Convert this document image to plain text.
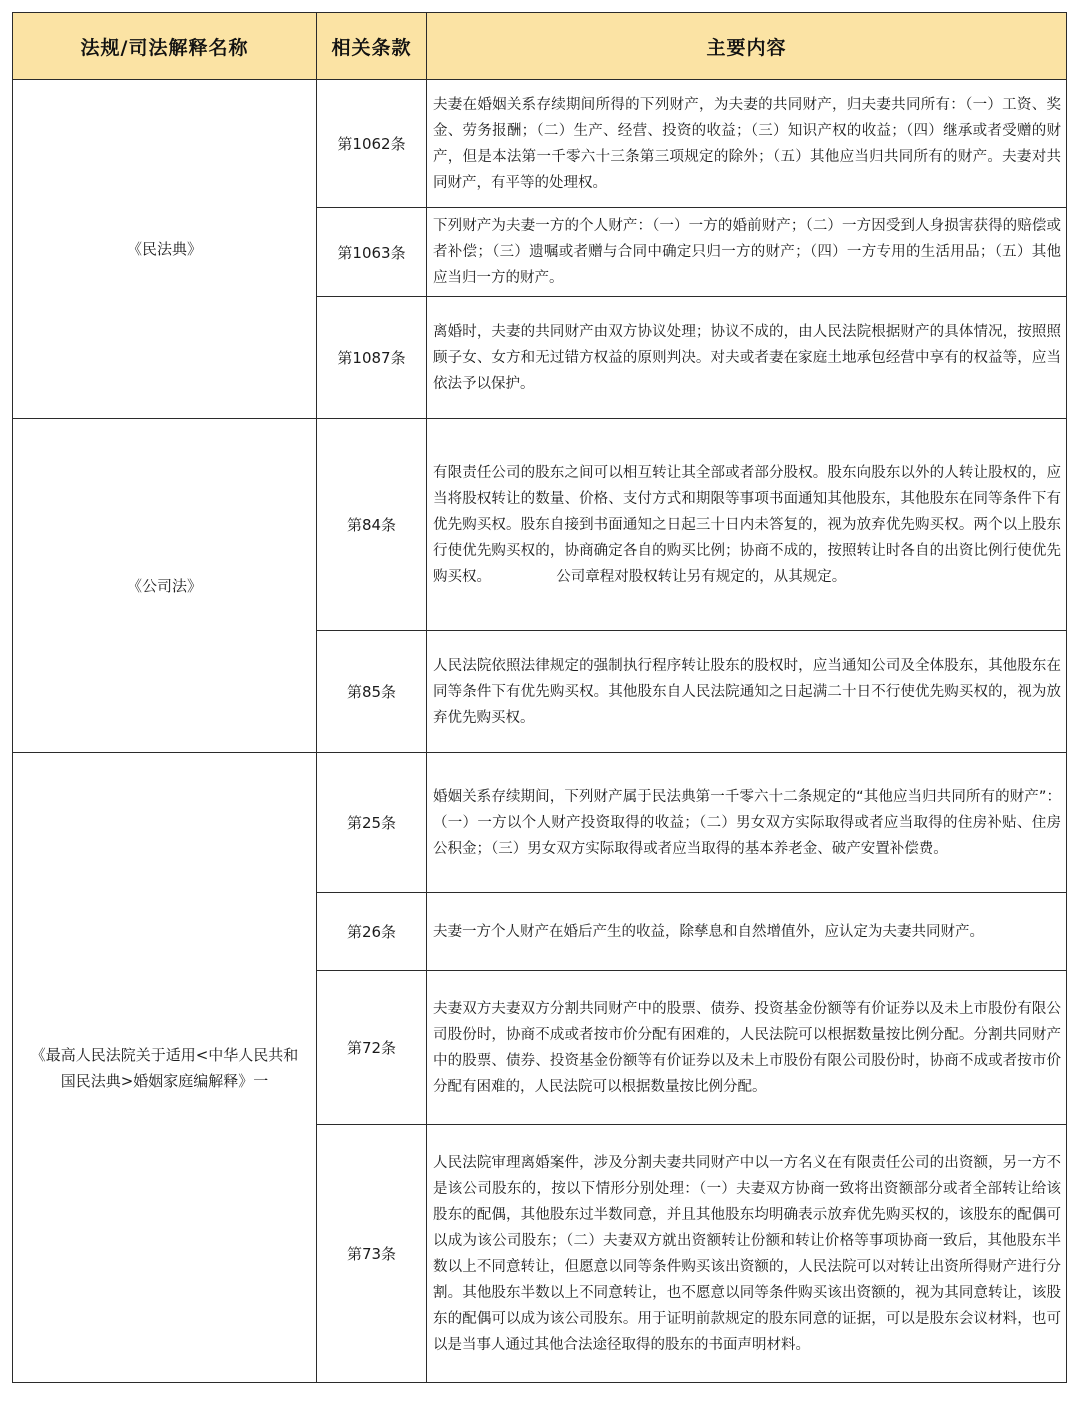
法规/司法解释名称	相关条款	主要内容
《民法典》	第1062条	夫妻在婚姻关系存续期间所得的下列财产，为夫妻的共同财产，归夫妻共同所有：（一）工资、奖金、劳务报酬；（二）生产、经营、投资的收益；（三）知识产权的收益；（四）继承或者受赠的财产，但是本法第一千零六十三条第三项规定的除外；（五）其他应当归共同所有的财产。夫妻对共同财产，有平等的处理权。
	第1063条	下列财产为夫妻一方的个人财产：（一）一方的婚前财产；（二）一方因受到人身损害获得的赔偿或者补偿；（三）遗嘱或者赠与合同中确定只归一方的财产；（四）一方专用的生活用品；（五）其他应当归一方的财产。
	第1087条	离婚时，夫妻的共同财产由双方协议处理；协议不成的，由人民法院根据财产的具体情况，按照照顾子女、女方和无过错方权益的原则判决。对夫或者妻在家庭土地承包经营中享有的权益等，应当依法予以保护。
《公司法》	第84条	有限责任公司的股东之间可以相互转让其全部或者部分股权。股东向股东以外的人转让股权的，应当将股权转让的数量、价格、支付方式和期限等事项书面通知其他股东，其他股东在同等条件下有优先购买权。股东自接到书面通知之日起三十日内未答复的，视为放弃优先购买权。两个以上股东行使优先购买权的，协商确定各自的购买比例；协商不成的，按照转让时各自的出资比例行使优先购买权。　　　　　公司章程对股权转让另有规定的，从其规定。
	第85条	人民法院依照法律规定的强制执行程序转让股东的股权时，应当通知公司及全体股东，其他股东在同等条件下有优先购买权。其他股东自人民法院通知之日起满二十日不行使优先购买权的，视为放弃优先购买权。
《最高人民法院关于适用<中华人民共和国民法典>婚姻家庭编解释》一	第25条	婚姻关系存续期间，下列财产属于民法典第一千零六十二条规定的“其他应当归共同所有的财产”：（一）一方以个人财产投资取得的收益；（二）男女双方实际取得或者应当取得的住房补贴、住房公积金；（三）男女双方实际取得或者应当取得的基本养老金、破产安置补偿费。
	第26条	夫妻一方个人财产在婚后产生的收益，除孳息和自然增值外，应认定为夫妻共同财产。
	第72条	夫妻双方夫妻双方分割共同财产中的股票、债券、投资基金份额等有价证券以及未上市股份有限公司股份时，协商不成或者按市价分配有困难的，人民法院可以根据数量按比例分配。分割共同财产中的股票、债券、投资基金份额等有价证券以及未上市股份有限公司股份时，协商不成或者按市价分配有困难的，人民法院可以根据数量按比例分配。
	第73条	人民法院审理离婚案件，涉及分割夫妻共同财产中以一方名义在有限责任公司的出资额，另一方不是该公司股东的，按以下情形分别处理：（一）夫妻双方协商一致将出资额部分或者全部转让给该股东的配偶，其他股东过半数同意，并且其他股东均明确表示放弃优先购买权的，该股东的配偶可以成为该公司股东；（二）夫妻双方就出资额转让份额和转让价格等事项协商一致后，其他股东半数以上不同意转让，但愿意以同等条件购买该出资额的，人民法院可以对转让出资所得财产进行分割。其他股东半数以上不同意转让，也不愿意以同等条件购买该出资额的，视为其同意转让，该股东的配偶可以成为该公司股东。用于证明前款规定的股东同意的证据，可以是股东会议材料，也可以是当事人通过其他合法途径取得的股东的书面声明材料。
